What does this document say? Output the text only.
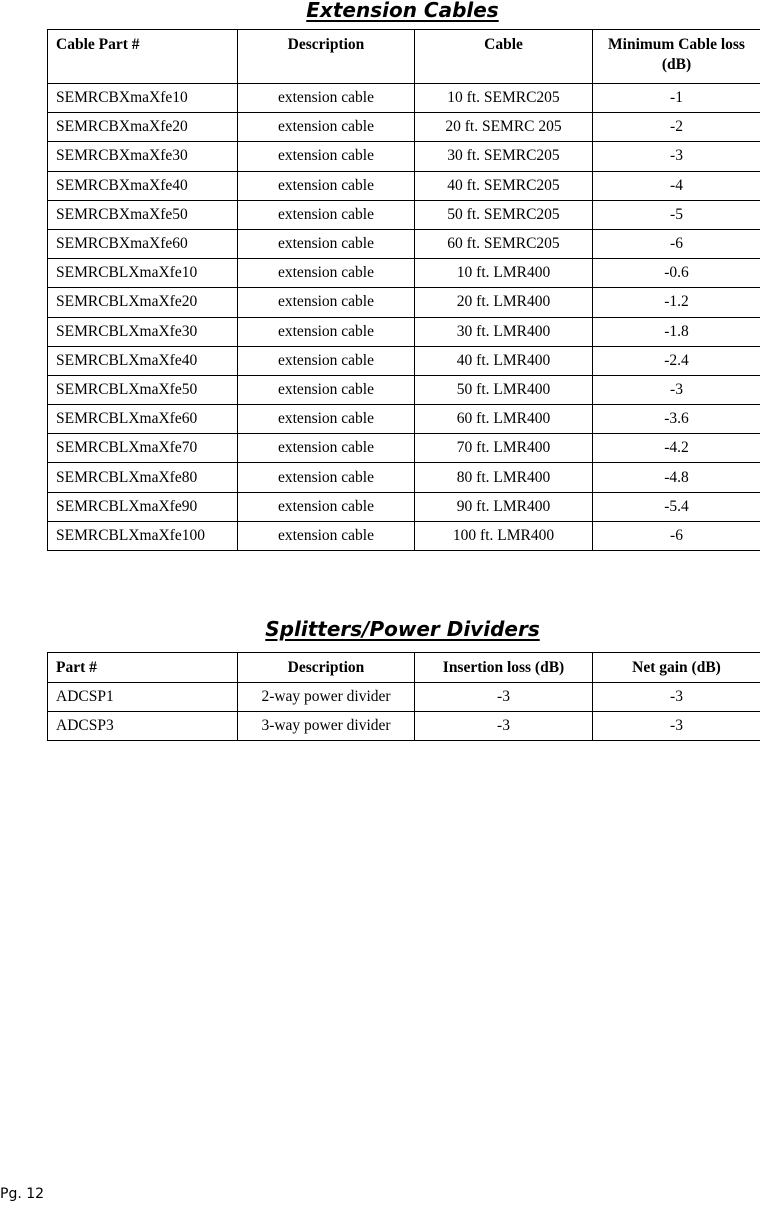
Extension Cables
Cable Part #	Description	Cable	Minimum Cable loss (dB)
SEMRCBXmaXfe10	extension cable	10 ft. SEMRC205	-1
SEMRCBXmaXfe20	extension cable	20 ft. SEMRC 205	-2
SEMRCBXmaXfe30	extension cable	30 ft. SEMRC205	-3
SEMRCBXmaXfe40	extension cable	40 ft. SEMRC205	-4
SEMRCBXmaXfe50	extension cable	50 ft. SEMRC205	-5
SEMRCBXmaXfe60	extension cable	60 ft. SEMRC205	-6
SEMRCBLXmaXfe10	extension cable	10 ft. LMR400	-0.6
SEMRCBLXmaXfe20	extension cable	20 ft. LMR400	-1.2
SEMRCBLXmaXfe30	extension cable	30 ft. LMR400	-1.8
SEMRCBLXmaXfe40	extension cable	40 ft. LMR400	-2.4
SEMRCBLXmaXfe50	extension cable	50 ft. LMR400	-3
SEMRCBLXmaXfe60	extension cable	60 ft. LMR400	-3.6
SEMRCBLXmaXfe70	extension cable	70 ft. LMR400	-4.2
SEMRCBLXmaXfe80	extension cable	80 ft. LMR400	-4.8
SEMRCBLXmaXfe90	extension cable	90 ft. LMR400	-5.4
SEMRCBLXmaXfe100	extension cable	100 ft. LMR400	-6
Splitters/Power Dividers
Part #	Description	Insertion loss (dB)	Net gain (dB)
ADCSP1	2-way power divider	-3	-3
ADCSP3	3-way power divider	-3	-3
Pg. 12
